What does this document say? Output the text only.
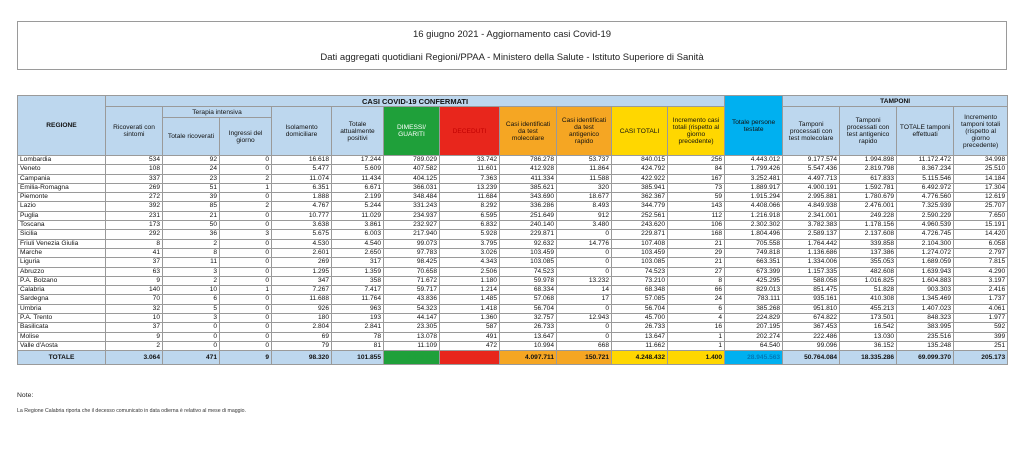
16 giugno 2021 - Aggiornamento casi Covid-19
Dati aggregati quotidiani Regioni/PPAA - Ministero della Salute - Istituto Superiore di Sanità
REGIONE	CASI COVID-19 CONFERMATI											Totale persone testate	TAMPONI			
	Ricoverati con sintomi	Terapia intensiva		Isolamento domiciliare	Totale attualmente positivi	DIMESSI/ GUARITI	DECEDUTI	Casi identificati da test molecolare	Casi identificati da test antigenico rapido	CASI TOTALI	Incremento casi totali (rispetto al giorno precedente)		Tamponi processati con test molecolare	Tamponi processati con test antigenico rapido	TOTALE tamponi effettuati	Incremento tamponi totali (rispetto al giorno precedente)
		Totale ricoverati	Ingressi del giorno													
Lombardia	534	92	0	16.618	17.244	789.029	33.742	786.278	53.737	840.015	256	4.443.012	9.177.574	1.994.898	11.172.472	34.998
Veneto	108	24	0	5.477	5.609	407.582	11.601	412.928	11.864	424.792	84	1.799.426	5.547.436	2.819.798	8.367.234	25.510
Campania	337	23	2	11.074	11.434	404.125	7.363	411.334	11.588	422.922	167	3.252.481	4.497.713	617.833	5.115.546	14.184
Emilia-Romagna	269	51	1	6.351	6.671	366.031	13.239	385.621	320	385.941	73	1.889.917	4.900.191	1.592.781	6.492.972	17.304
Piemonte	272	39	0	1.888	2.199	348.484	11.684	343.690	18.677	362.367	59	1.915.294	2.995.881	1.780.679	4.776.560	12.619
Lazio	392	85	2	4.767	5.244	331.243	8.292	336.286	8.493	344.779	143	4.408.066	4.849.938	2.476.001	7.325.939	25.707
Puglia	231	21	0	10.777	11.029	234.937	6.595	251.649	912	252.561	112	1.216.918	2.341.001	249.228	2.590.229	7.650
Toscana	173	50	0	3.638	3.861	232.927	6.832	240.140	3.480	243.620	106	2.302.302	3.782.383	1.178.156	4.960.539	15.191
Sicilia	292	36	3	5.675	6.003	217.940	5.928	229.871	0	229.871	168	1.804.496	2.589.137	2.137.608	4.726.745	14.420
Friuli Venezia Giulia	8	2	0	4.530	4.540	99.073	3.795	92.632	14.776	107.408	21	705.558	1.764.442	339.858	2.104.300	6.058
Marche	41	8	0	2.601	2.650	97.783	3.026	103.459	0	103.459	29	749.818	1.136.686	137.386	1.274.072	2.797
Liguria	37	11	0	269	317	98.425	4.343	103.085	0	103.085	21	663.351	1.334.006	355.053	1.689.059	7.815
Abruzzo	63	3	0	1.295	1.359	70.658	2.506	74.523	0	74.523	27	673.399	1.157.335	482.608	1.639.943	4.290
P.A. Bolzano	9	2	0	347	358	71.672	1.180	59.978	13.232	73.210	8	425.295	588.058	1.016.825	1.604.883	3.197
Calabria	140	10	1	7.267	7.417	59.717	1.214	68.334	14	68.348	66	829.013	851.475	51.828	903.303	2.416
Sardegna	70	6	0	11.688	11.764	43.836	1.485	57.068	17	57.085	24	783.111	935.161	410.308	1.345.469	1.737
Umbria	32	5	0	926	963	54.323	1.418	56.704	0	56.704	6	385.268	951.810	455.213	1.407.023	4.061
P.A. Trento	10	3	0	180	193	44.147	1.360	32.757	12.943	45.700	4	224.829	674.822	173.501	848.323	1.977
Basilicata	37	0	0	2.804	2.841	23.305	587	26.733	0	26.733	16	207.195	367.453	16.542	383.995	592
Molise	9	0	0	69	78	13.078	491	13.647	0	13.647	1	202.274	222.486	13.030	235.516	399
Valle d'Aosta	2	0	0	79	81	11.109	472	10.994	668	11.662	1	64.540	99.096	36.152	135.248	251
TOTALE	3.064	471	9	98.320	101.855	4.019.424	127.153	4.097.711	150.721	4.248.432	1.400	28.945.563	50.764.084	18.335.286	69.099.370	205.173
Note:
La Regione Calabria riporta che il decesso comunicato in data odierna è relativo al mese di maggio.
